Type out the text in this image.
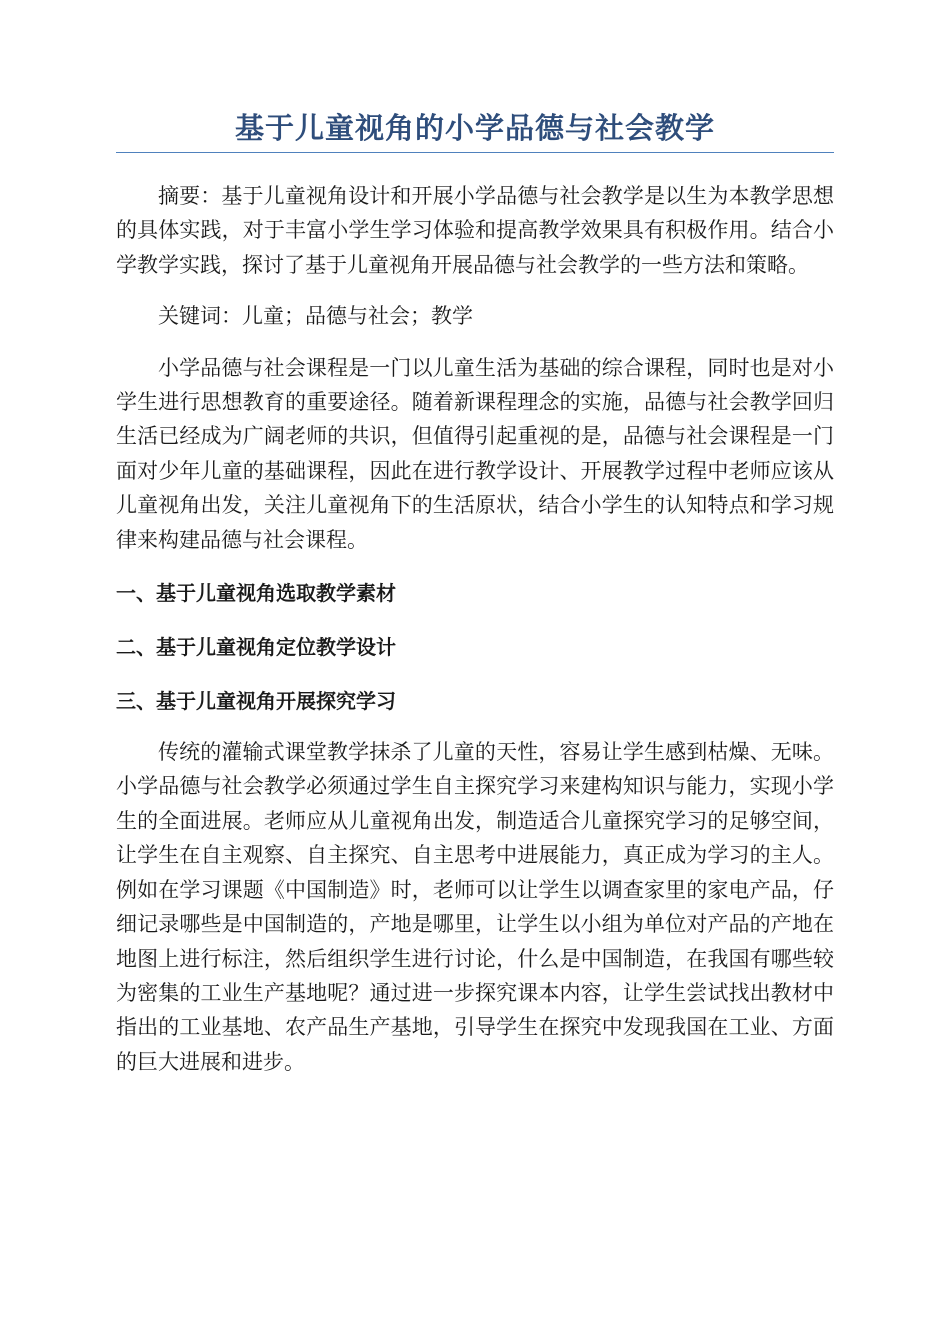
基于儿童视角的小学品德与社会教学

摘要：基于儿童视角设计和开展小学品德与社会教学是以生为本教学思想的具体实践，对于丰富小学生学习体验和提高教学效果具有积极作用。结合小学教学实践，探讨了基于儿童视角开展品德与社会教学的一些方法和策略。

关键词：儿童；品德与社会；教学

小学品德与社会课程是一门以儿童生活为基础的综合课程，同时也是对小学生进行思想教育的重要途径。随着新课程理念的实施，品德与社会教学回归生活已经成为广阔老师的共识，但值得引起重视的是，品德与社会课程是一门面对少年儿童的基础课程，因此在进行教学设计、开展教学过程中老师应该从儿童视角出发，关注儿童视角下的生活原状，结合小学生的认知特点和学习规律来构建品德与社会课程。

一、基于儿童视角选取教学素材
二、基于儿童视角定位教学设计
三、基于儿童视角开展探究学习

传统的灌输式课堂教学抹杀了儿童的天性，容易让学生感到枯燥、无味。小学品德与社会教学必须通过学生自主探究学习来建构知识与能力，实现小学生的全面进展。老师应从儿童视角出发，制造适合儿童探究学习的足够空间，让学生在自主观察、自主探究、自主思考中进展能力，真正成为学习的主人。例如在学习课题《中国制造》时，老师可以让学生以调查家里的家电产品，仔细记录哪些是中国制造的，产地是哪里，让学生以小组为单位对产品的产地在地图上进行标注，然后组织学生进行讨论，什么是中国制造，在我国有哪些较为密集的工业生产基地呢？通过进一步探究课本内容，让学生尝试找出教材中指出的工业基地、农产品生产基地，引导学生在探究中发现我国在工业、方面的巨大进展和进步。
